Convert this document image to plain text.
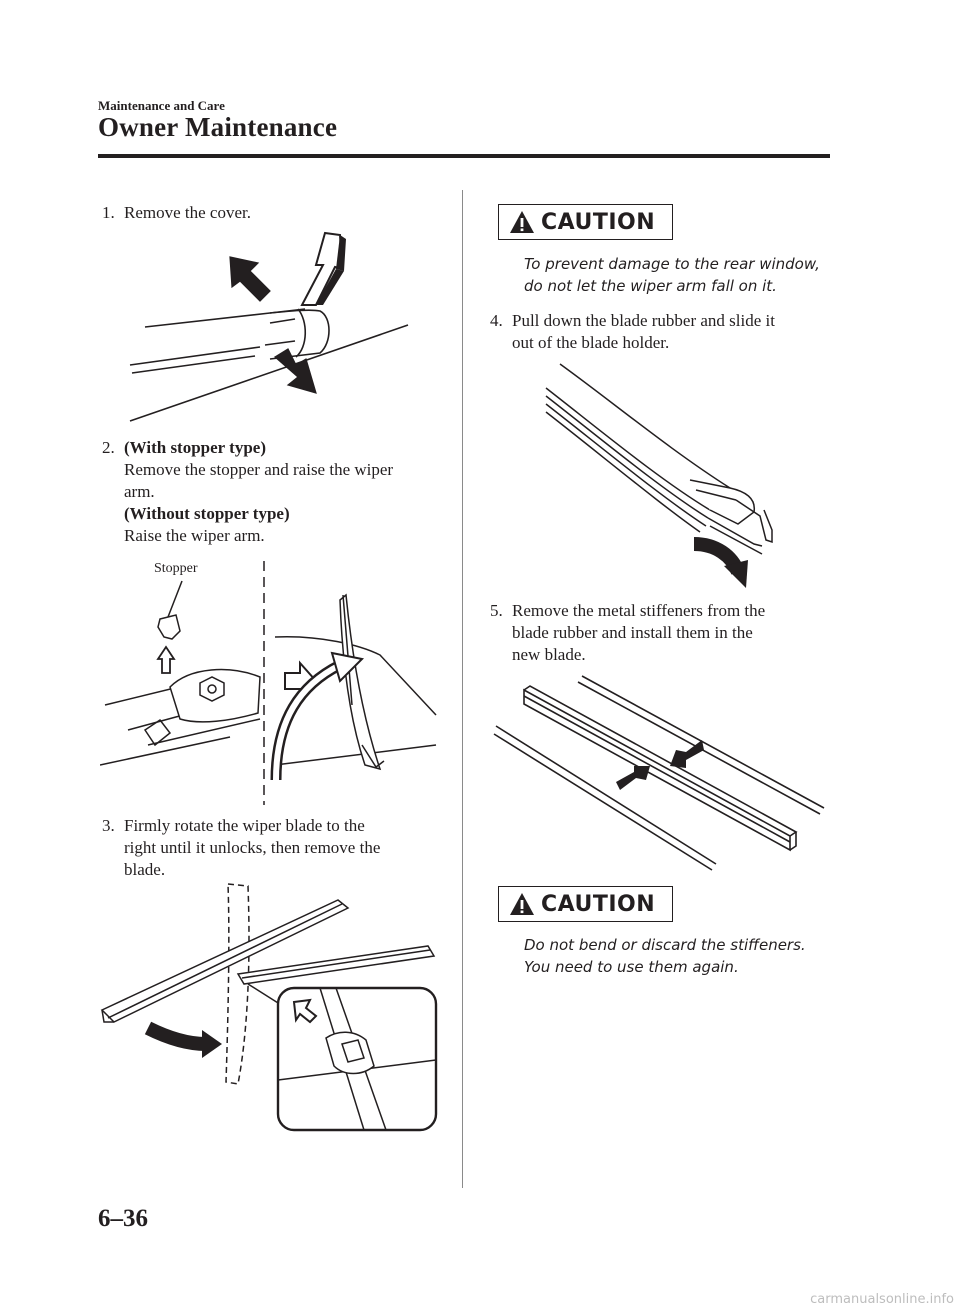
Maintenance and Care
Owner Maintenance
1. Remove the cover.
2. (With stopper type)
Remove the stopper and raise the wiper
arm.
(Without stopper type)
Raise the wiper arm.
Stopper
3. Firmly rotate the wiper blade to the
right until it unlocks, then remove the
blade.
CAUTION
To prevent damage to the rear window,
do not let the wiper arm fall on it.
4. Pull down the blade rubber and slide it
out of the blade holder.
5. Remove the metal stiffeners from the
blade rubber and install them in the
new blade.
CAUTION
Do not bend or discard the stiffeners.
You need to use them again.
6–36
carmanualsonline.info
